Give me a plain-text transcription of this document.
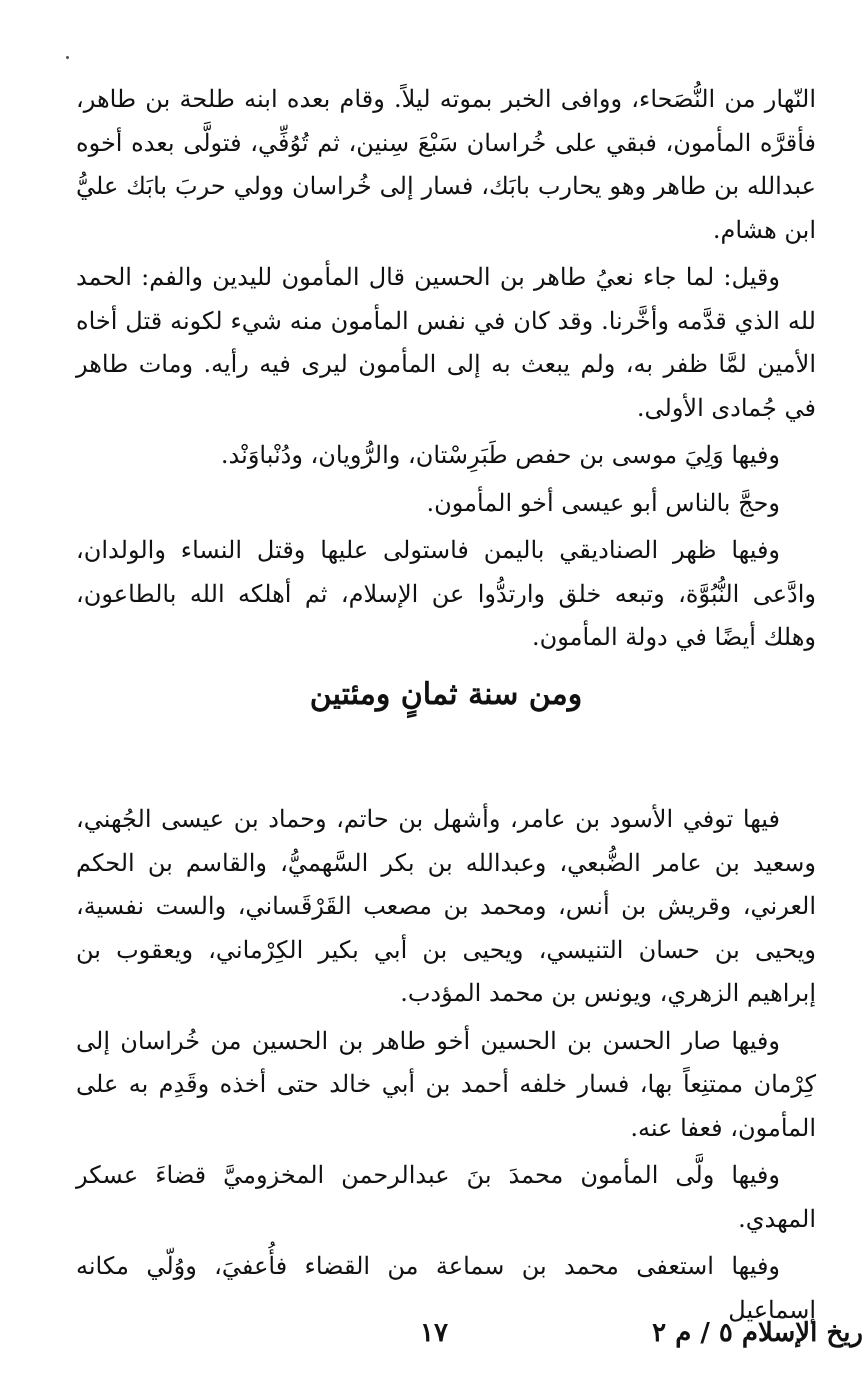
النّهار من النُّصَحاء، ووافى الخبر بموته ليلاً. وقام بعده ابنه طلحة بن طاهر، فأقرَّه المأمون، فبقي على خُراسان سَبْعَ سِنين، ثم تُوُفِّي، فتولَّى بعده أخوه عبدالله بن طاهر وهو يحارب بابَك، فسار إلى خُراسان وولي حربَ بابَك عليُّ ابن هشام.

وقيل: لما جاء نعيُ طاهر بن الحسين قال المأمون لليدين والفم: الحمد لله الذي قدَّمه وأخَّرنا. وقد كان في نفس المأمون منه شيء لكونه قتل أخاه الأمين لمَّا ظفر به، ولم يبعث به إلى المأمون ليرى فيه رأيه. ومات طاهر في جُمادى الأولى.

وفيها وَلِيَ موسى بن حفص طَبَرِسْتان، والرُّويان، ودُنْباوَنْد.

وحجَّ بالناس أبو عيسى أخو المأمون.

وفيها ظهر الصناديقي باليمن فاستولى عليها وقتل النساء والولدان، وادَّعى النُّبُوَّة، وتبعه خلق وارتدُّوا عن الإسلام، ثم أهلكه الله بالطاعون، وهلك أيضًا في دولة المأمون.

ومن سنة ثمانٍ ومئتين

فيها توفي الأسود بن عامر، وأشهل بن حاتم، وحماد بن عيسى الجُهني، وسعيد بن عامر الضُّبعي، وعبدالله بن بكر السَّهميُّ، والقاسم بن الحكم العرني، وقريش بن أنس، ومحمد بن مصعب القَرْقَساني، والست نفسية، ويحيى بن حسان التنيسي، ويحيى بن أبي بكير الكِرْماني، ويعقوب بن إبراهيم الزهري، ويونس بن محمد المؤدب.

وفيها صار الحسن بن الحسين أخو طاهر بن الحسين من خُراسان إلى كِرْمان ممتنِعاً بها، فسار خلفه أحمد بن أبي خالد حتى أخذه وقَدِم به على المأمون، فعفا عنه.

وفيها ولَّى المأمون محمدَ بنَ عبدالرحمن المخزوميَّ قضاءَ عسكر المهدي.

وفيها استعفى محمد بن سماعة من القضاء فأُعفيَ، ووُلّي مكانه إسماعيل

ريخ الإسلام ٥ / م ٢
١٧
